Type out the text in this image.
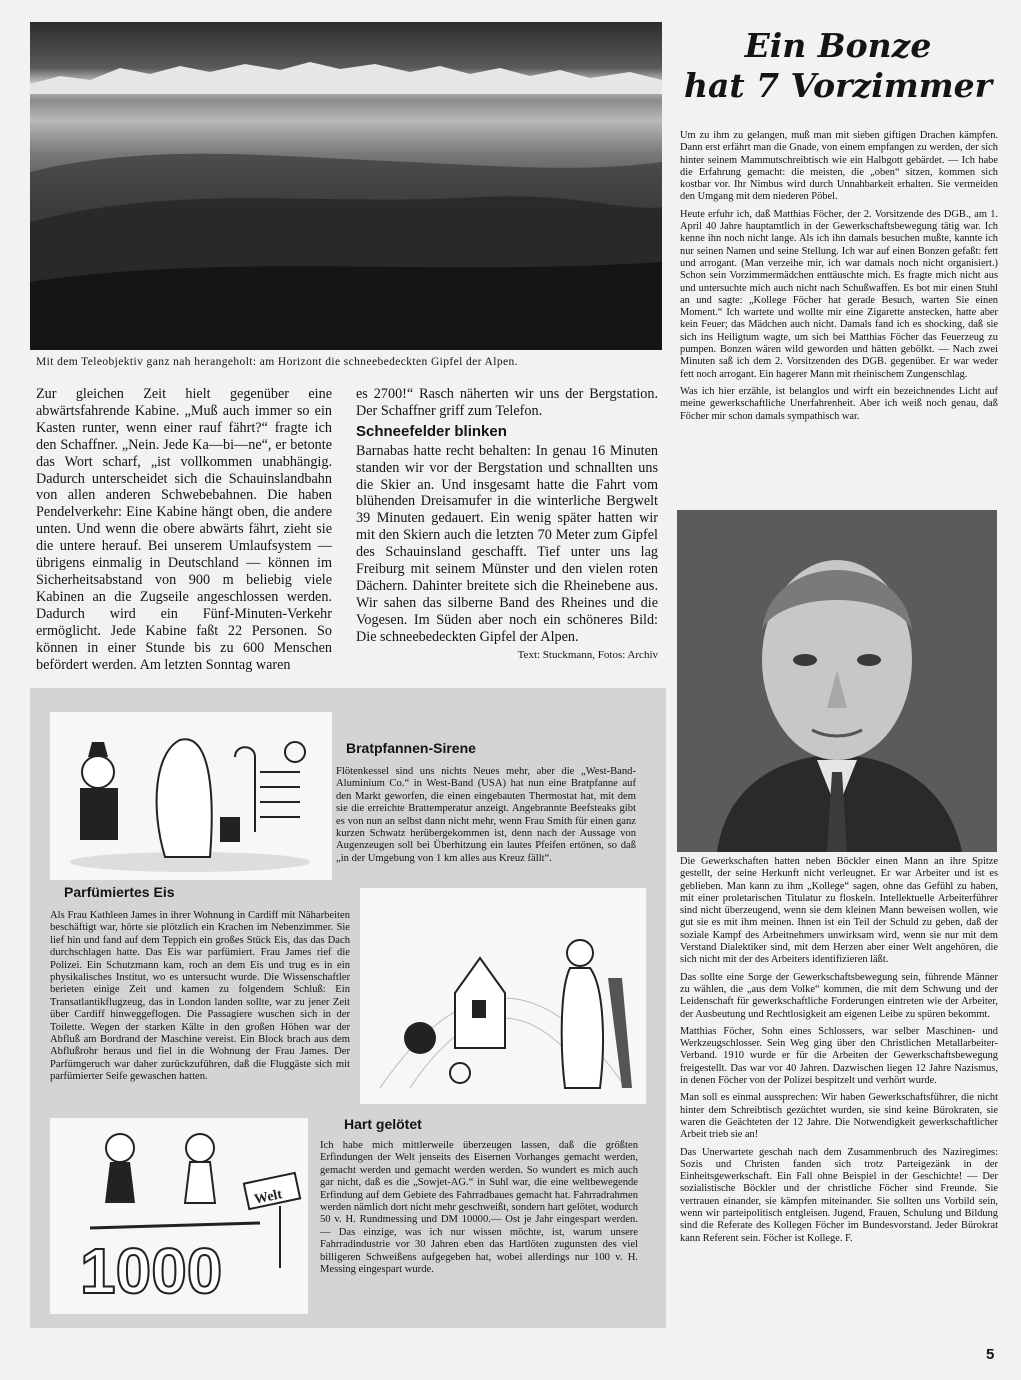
Mit dem Teleobjektiv ganz nah herangeholt: am Horizont die schneebedeckten Gipfel der Alpen.

Zur gleichen Zeit hielt gegenüber eine abwärtsfahrende Kabine. „Muß auch immer so ein Kasten runter, wenn einer rauf fährt?“ fragte ich den Schaffner. „Nein. Jede Ka—bi—ne“, er betonte das Wort scharf, „ist vollkommen unabhängig. Dadurch unterscheidet sich die Schauinslandbahn von allen anderen Schwebebahnen. Die haben Pendelverkehr: Eine Kabine hängt oben, die andere unten. Und wenn die obere abwärts fährt, zieht sie die untere herauf. Bei unserem Umlaufsystem — übrigens einmalig in Deutschland — können im Sicherheitsabstand von 900 m beliebig viele Kabinen an die Zugseile angeschlossen werden. Dadurch wird ein Fünf-Minuten-Verkehr ermöglicht. Jede Kabine faßt 22 Personen. So können in einer Stunde bis zu 600 Menschen befördert werden. Am letzten Sonntag waren

es 2700!“ Rasch näherten wir uns der Bergstation. Der Schaffner griff zum Telefon.

Schneefelder blinken

Barnabas hatte recht behalten: In genau 16 Minuten standen wir vor der Bergstation und schnallten uns die Skier an. Und insgesamt hatte die Fahrt vom blühenden Dreisamufer in die winterliche Bergwelt 39 Minuten gedauert. Ein wenig später hatten wir mit den Skiern auch die letzten 70 Meter zum Gipfel des Schauinsland geschafft. Tief unter uns lag Freiburg mit seinem Münster und den vielen roten Dächern. Dahinter breitete sich die Rheinebene aus. Wir sahen das silberne Band des Rheines und die Vogesen. Im Süden aber noch ein schöneres Bild: Die schneebedeckten Gipfel der Alpen.

Text: Stuckmann, Fotos: Archiv
Ein Bonze
hat 7 Vorzimmer

Um zu ihm zu gelangen, muß man mit sieben giftigen Drachen kämpfen. Dann erst erfährt man die Gnade, von einem empfangen zu werden, der sich hinter seinem Mammutschreibtisch wie ein Halbgott gebärdet. — Ich habe die Erfahrung gemacht: die meisten, die „oben“ sitzen, kommen sich kostbar vor. Ihr Nimbus wird durch Unnahbarkeit erhalten. Sie vermeiden den Umgang mit dem niederen Pöbel.

Heute erfuhr ich, daß Matthias Föcher, der 2. Vorsitzende des DGB., am 1. April 40 Jahre hauptamtlich in der Gewerkschaftsbewegung tätig war. Ich kenne ihn noch nicht lange. Als ich ihn damals besuchen mußte, kannte ich nur seinen Namen und seine Stellung. Ich war auf einen Bonzen gefaßt: fett und arrogant. (Man verzeihe mir, ich war damals noch nicht organisiert.) Schon sein Vorzimmermädchen enttäuschte mich. Es fragte mich nicht aus und untersuchte mich auch nicht nach Schußwaffen. Es bot mir einen Stuhl an und sagte: „Kollege Föcher hat gerade Besuch, warten Sie einen Moment.“ Ich wartete und wollte mir eine Zigarette anstecken, hatte aber kein Feuer; das Mädchen auch nicht. Damals fand ich es shocking, daß sie sich ins Heiligtum wagte, um sich bei Matthias Föcher das Feuerzeug zu pumpen. Bonzen wären wild geworden und hätten gebölkt. — Nach zwei Minuten saß ich dem 2. Vorsitzenden des DGB. gegenüber. Er war weder fett noch arrogant. Ein hagerer Mann mit rheinischem Zungenschlag.

Was ich hier erzähle, ist belanglos und wirft ein bezeichnendes Licht auf meine gewerkschaftliche Unerfahrenheit. Aber ich weiß noch genau, daß Föcher mir schon damals sympathisch war.

Die Gewerkschaften hatten neben Böckler einen Mann an ihre Spitze gestellt, der seine Herkunft nicht verleugnet. Er war Arbeiter und ist es geblieben. Man kann zu ihm „Kollege“ sagen, ohne das Gefühl zu haben, mit einer proletarischen Titulatur zu floskeln. Intellektuelle Arbeiterführer sind nicht überzeugend, wenn sie dem kleinen Mann beweisen wollen, wie gut sie es mit ihm meinen. Ihnen ist ein Teil der Schuld zu geben, daß der soziale Kampf des Arbeitnehmers unwirksam wird, wenn sie nur mit dem Verstand Dialektiker sind, mit dem Herzen aber einer Welt angehören, die sich nicht mit der des Arbeiters identifizieren läßt.

Das sollte eine Sorge der Gewerkschaftsbewegung sein, führende Männer zu wählen, die „aus dem Volke“ kommen, die mit dem Schwung und der Leidenschaft für gewerkschaftliche Forderungen eintreten wie der Arbeiter, der Ausbeutung und Rechtlosigkeit am eigenen Leibe zu spüren bekommt.

Matthias Föcher, Sohn eines Schlossers, war selber Maschinen- und Werkzeugschlosser. Sein Weg ging über den Christlichen Metallarbeiter-Verband. 1910 wurde er für die Arbeiten der Gewerkschaftsbewegung freigestellt. Das war vor 40 Jahren. Dazwischen liegen 12 Jahre Nazismus, in denen Föcher von der Polizei bespitzelt und verhört wurde.

Man soll es einmal aussprechen: Wir haben Gewerkschaftsführer, die nicht hinter dem Schreibtisch gezüchtet wurden, sie sind keine Bürokraten, sie waren die Geächteten der 12 Jahre. Die Notwendigkeit gewerkschaftlicher Arbeit trieb sie an!

Das Unerwartete geschah nach dem Zusammenbruch des Naziregimes: Sozis und Christen fanden sich trotz Parteigezänk in der Einheitsgewerkschaft. Ein Fall ohne Beispiel in der Geschichte! — Der sozialistische Böckler und der christliche Föcher sind Freunde. Sie vertrauen einander, sie kämpfen miteinander. Sie sollten uns Vorbild sein, wenn wir parteipolitisch entgleisen. Jugend, Frauen, Schulung und Bildung sind die Referate des Kollegen Föcher im Bundesvorstand. Jeder Bürokrat kann Referent sein. Föcher ist Kollege. F.

Bratpfannen-Sirene
Flötenkessel sind uns nichts Neues mehr, aber die „West-Band-Aluminium Co.“ in West-Band (USA) hat nun eine Bratpfanne auf den Markt geworfen, die einen eingebauten Thermostat hat, mit dem sie die erreichte Brattemperatur anzeigt. Angebrannte Beefsteaks gibt es von nun an selbst dann nicht mehr, wenn Frau Smith für einen ganz kurzen Schwatz herübergekommen ist, denn nach der Aussage von Augenzeugen soll bei Überhitzung ein lautes Pfeifen ertönen, so daß „in der Umgebung von 1 km alles aus Kreuz fällt“.
Parfümiertes Eis
Als Frau Kathleen James in ihrer Wohnung in Cardiff mit Näharbeiten beschäftigt war, hörte sie plötzlich ein Krachen im Nebenzimmer. Sie lief hin und fand auf dem Teppich ein großes Stück Eis, das das Dach durchschlagen hatte. Das Eis war parfümiert. Frau James rief die Polizei. Ein Schutzmann kam, roch an dem Eis und trug es in ein physikalisches Institut, wo es untersucht wurde. Die Wissenschaftler berieten einige Zeit und kamen zu folgendem Schluß: Ein Transatlantikflugzeug, das in London landen sollte, war zu jener Zeit über Cardiff hinweggeflogen. Die Passagiere wuschen sich in der Toilette. Wegen der starken Kälte in den großen Höhen war der Abfluß am Bordrand der Maschine vereist. Ein Block brach aus dem Abflußrohr heraus und fiel in die Wohnung der Frau James. Der Parfümgeruch war daher zurückzuführen, daß die Fluggäste sich mit parfümierter Seife gewaschen hatten.
1000
Welt
Hart gelötet
Ich habe mich mittlerweile überzeugen lassen, daß die größten Erfindungen der Welt jenseits des Eisernen Vorhanges gemacht werden, gemacht werden und gemacht werden werden. So wundert es mich auch gar nicht, daß es die „Sowjet-AG.“ in Suhl war, die eine weltbewegende Erfindung auf dem Gebiete des Fahrradbaues gemacht hat. Fahrradrahmen werden nämlich dort nicht mehr geschweißt, sondern hart gelötet, wodurch 50 v. H. Rundmessing und DM 10000.— Ost je Jahr eingespart werden. — Das einzige, was ich nur wissen möchte, ist, warum unsere Fahrradindustrie vor 30 Jahren eben das Hartlöten zugunsten des viel billigeren Schweißens aufgegeben hat, wobei allerdings nur 100 v. H. Messing eingespart wurde.
5
